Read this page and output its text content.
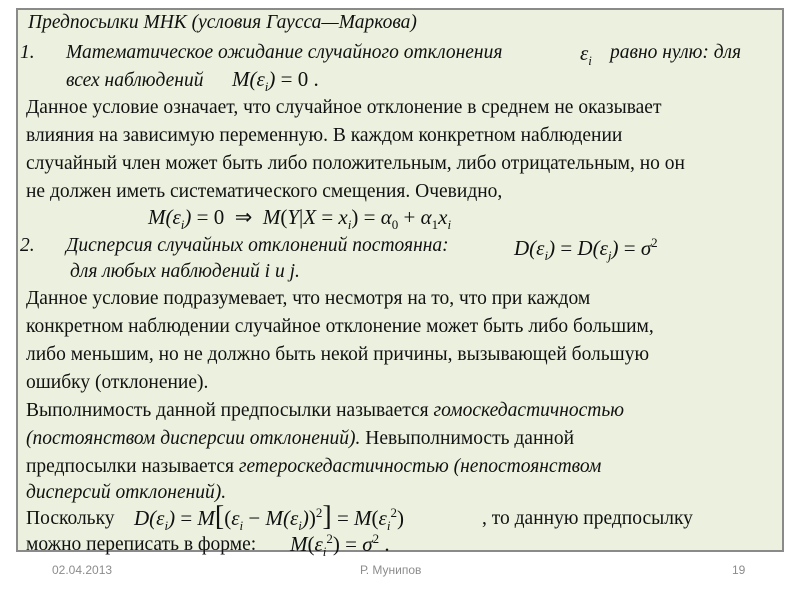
Предпосылки МНК (условия Гаусса—Маркова)
1. Математическое ожидание случайного отклонения	$\varepsilon_i$ равно нулю: для
всех наблюдений $M(\varepsilon_i) = 0$ .
Данное условие означает, что случайное отклонение в среднем не оказывает
влияния на зависимую переменную. В каждом конкретном наблюдении
случайный член может быть либо положительным, либо отрицательным, но он
не должен иметь систематического смещения. Очевидно,
$M(\varepsilon_i) = 0$  ⇒  $M(Y|X = x_i) = \alpha_0 + \alpha_1x_i$
2. Дисперсия случайных отклонений постоянна:	$D(\varepsilon_i) = D(\varepsilon_j) = \sigma^2$
для любых наблюдений i и j.
Данное условие подразумевает, что несмотря на то, что при каждом
конкретном наблюдении случайное отклонение может быть либо большим,
либо меньшим, но не должно быть некой причины, вызывающей большую
ошибку (отклонение).
Выполнимость данной предпосылки называется гомоскедастичностью
(постоянством дисперсии отклонений). Невыполнимость данной
предпосылки называется гетероскедастичностью (непостоянством
дисперсий отклонений).
Поскольку $D(\varepsilon_i) = M[(\varepsilon_i - M(\varepsilon_i))^2] = M(\varepsilon_i^2)$	, то данную предпосылку
можно переписать в форме: $M(\varepsilon_i^2) = \sigma^2$ .
02.04.2013	Р. Мунипов	19
